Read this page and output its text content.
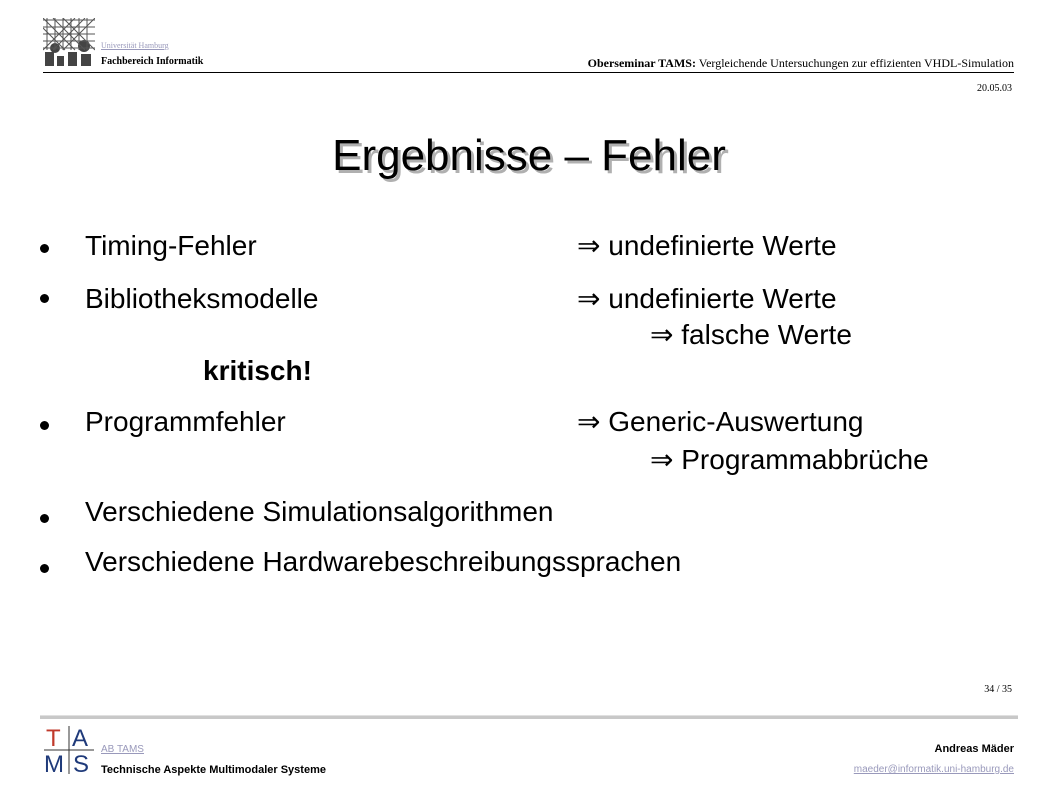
Universität Hamburg
Fachbereich Informatik	Oberseminar TAMS: Vergleichende Untersuchungen zur effizienten VHDL-Simulation
20.05.03
Ergebnisse – Fehler
Timing-Fehler	⇒ undefinierte Werte
Bibliotheksmodelle	⇒ undefinierte Werte
⇒ falsche Werte
kritisch!
Programmfehler	⇒ Generic-Auswertung
⇒ Programmabbrüche
Verschiedene Simulationsalgorithmen
Verschiedene Hardwarebeschreibungssprachen
34 / 35
T A
M S
AB TAMS
Technische Aspekte Multimodaler Systeme
Andreas Mäder
maeder@informatik.uni-hamburg.de
